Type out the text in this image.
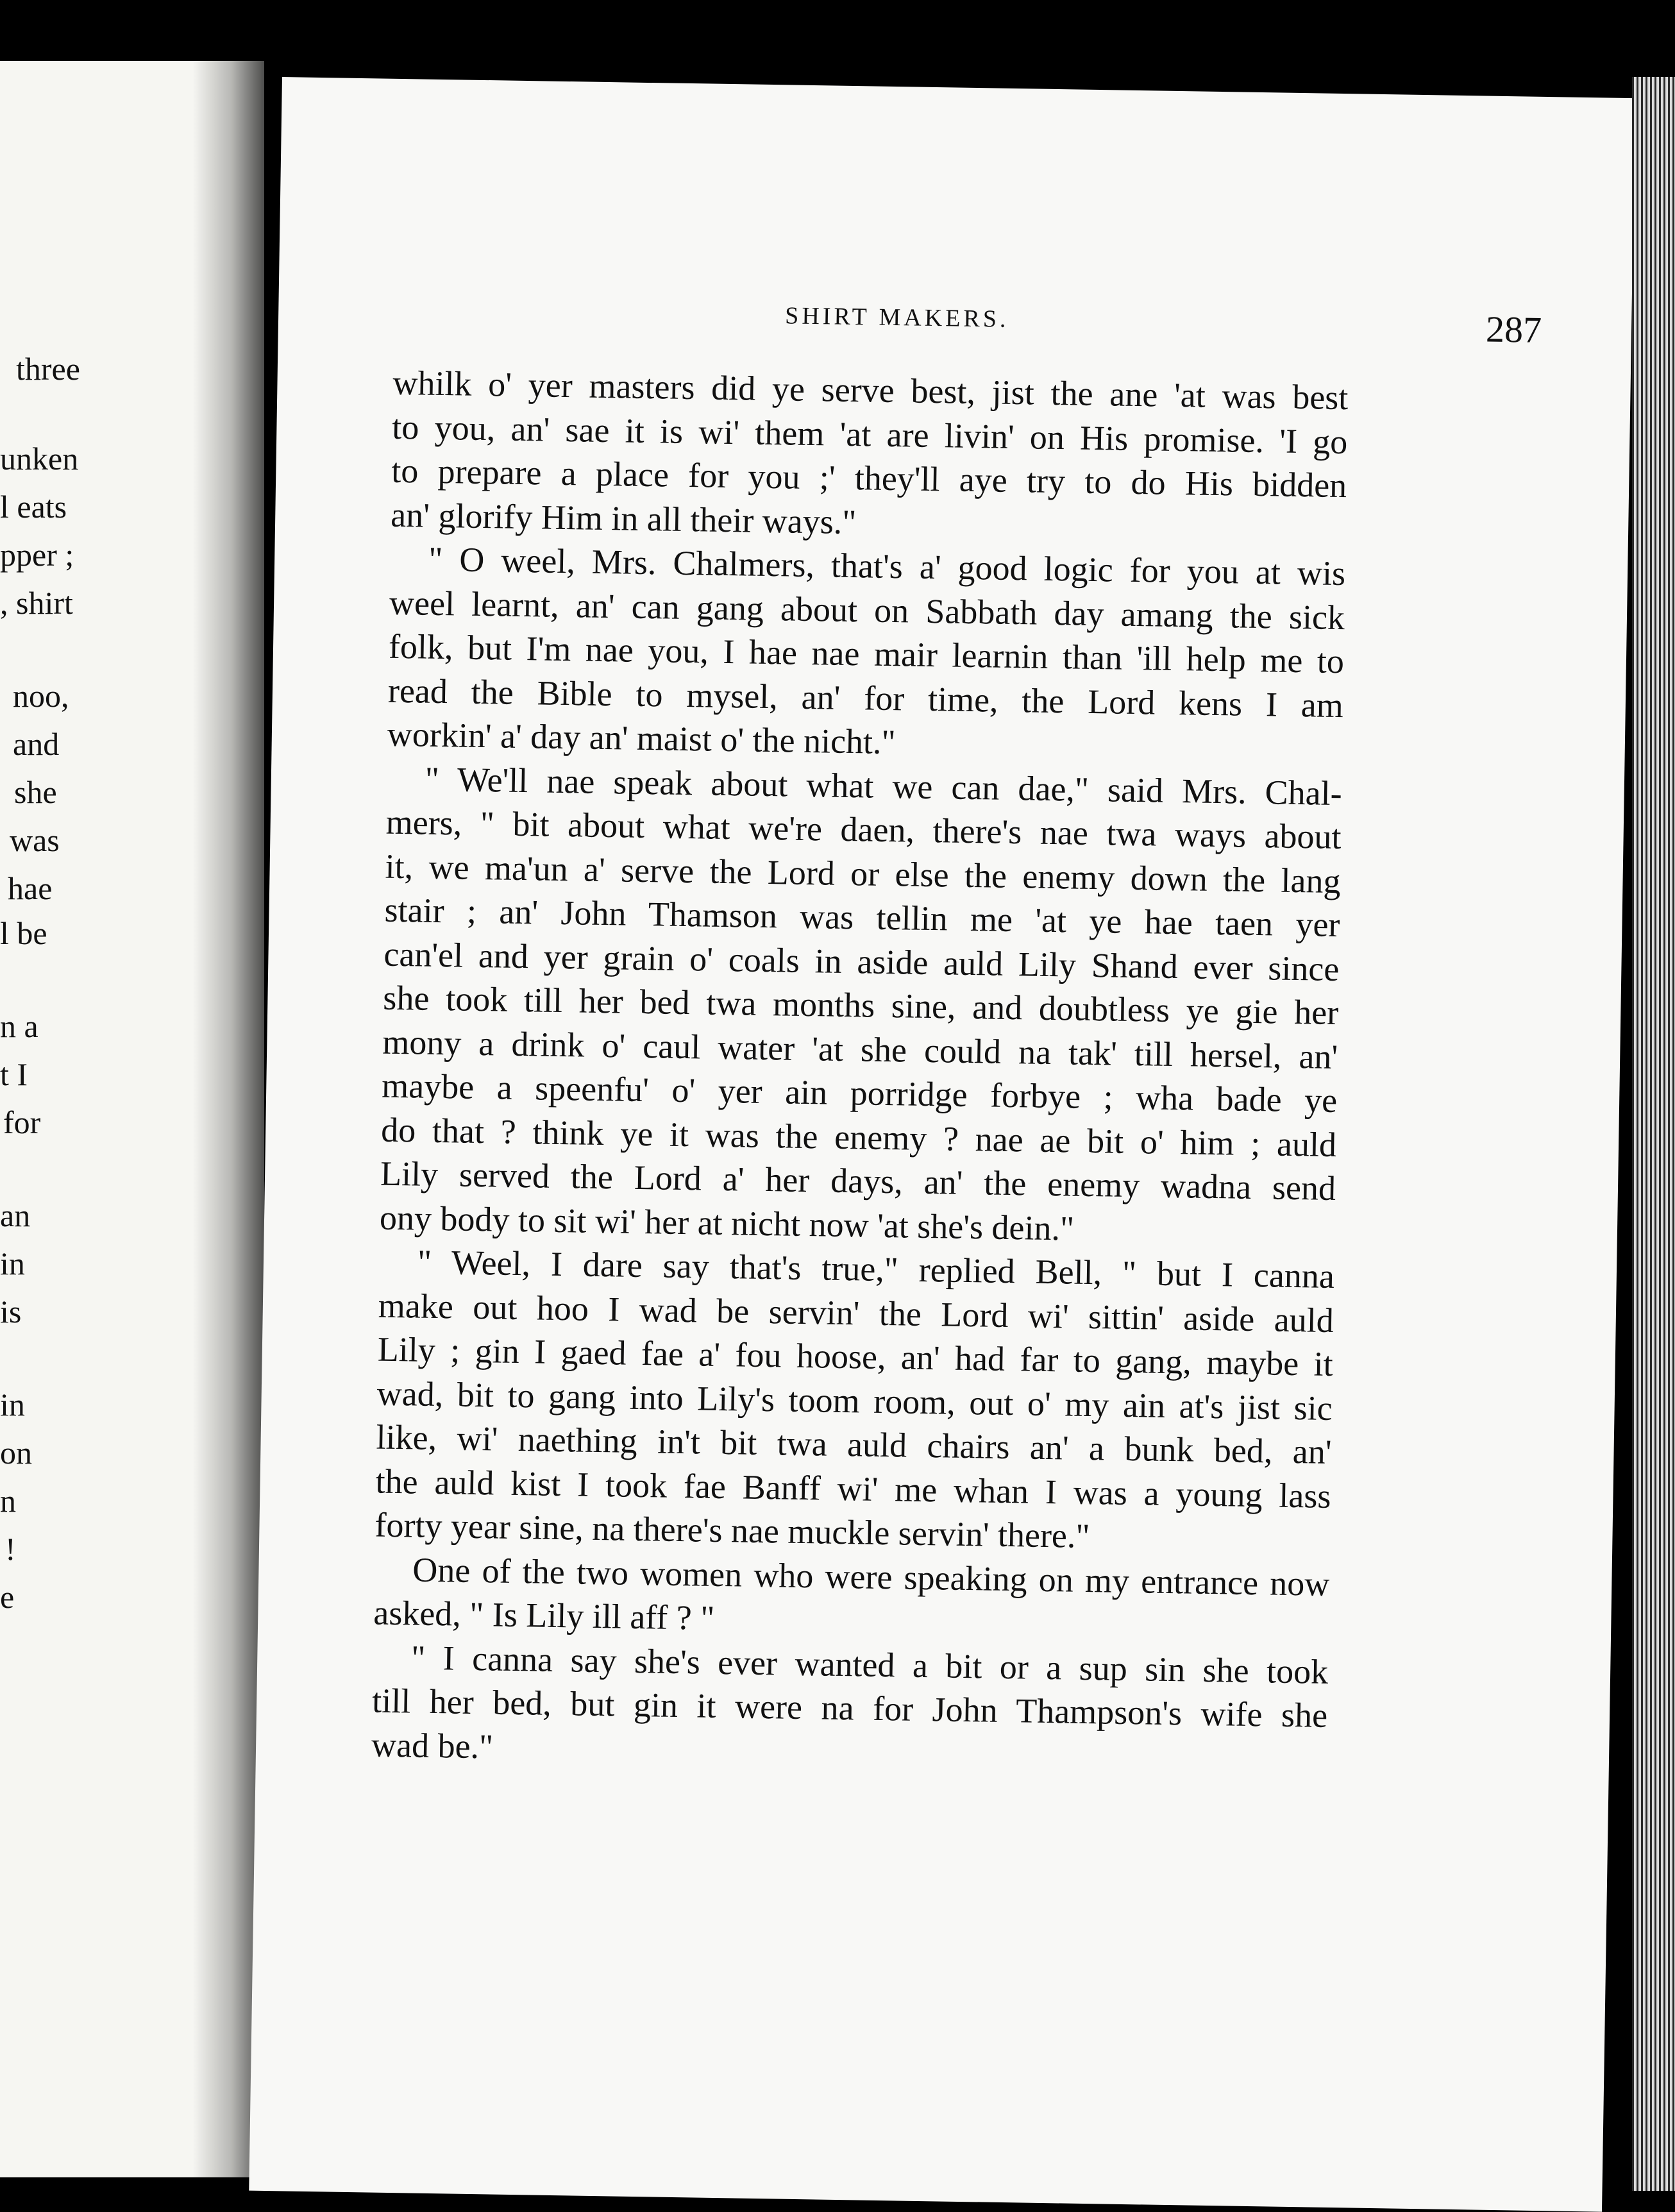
three
unken
l eats
pper ;
, shirt
noo,
and
she
was
hae
l be
n a
t I
for
an
in
is
in
on
n
!
e
SHIRT MAKERS.	287
whilk o' yer masters did ye serve best, jist the ane 'at was best
to you, an' sae it is wi' them 'at are livin' on His promise. 'I go
to prepare a place for you ;' they'll aye try to do His bidden
an' glorify Him in all their ways."
" O weel, Mrs. Chalmers, that's a' good logic for you at wis
weel learnt, an' can gang about on Sabbath day amang the sick
folk, but I'm nae you, I hae nae mair learnin than 'ill help me to
read the Bible to mysel, an' for time, the Lord kens I am
workin' a' day an' maist o' the nicht."
" We'll nae speak about what we can dae," said Mrs. Chal-
mers, " bit about what we're daen, there's nae twa ways about
it, we ma'un a' serve the Lord or else the enemy down the lang
stair ; an' John Thamson was tellin me 'at ye hae taen yer
can'el and yer grain o' coals in aside auld Lily Shand ever since
she took till her bed twa months sine, and doubtless ye gie her
mony a drink o' caul water 'at she could na tak' till hersel, an'
maybe a speenfu' o' yer ain porridge forbye ; wha bade ye
do that ? think ye it was the enemy ? nae ae bit o' him ; auld
Lily served the Lord a' her days, an' the enemy wadna send
ony body to sit wi' her at nicht now 'at she's dein."
" Weel, I dare say that's true," replied Bell, " but I canna
make out hoo I wad be servin' the Lord wi' sittin' aside auld
Lily ; gin I gaed fae a' fou hoose, an' had far to gang, maybe it
wad, bit to gang into Lily's toom room, out o' my ain at's jist sic
like, wi' naething in't bit twa auld chairs an' a bunk bed, an'
the auld kist I took fae Banff wi' me whan I was a young lass
forty year sine, na there's nae muckle servin' there."
One of the two women who were speaking on my entrance now
asked, " Is Lily ill aff ? "
" I canna say she's ever wanted a bit or a sup sin she took
till her bed, but gin it were na for John Thampson's wife she
wad be."
